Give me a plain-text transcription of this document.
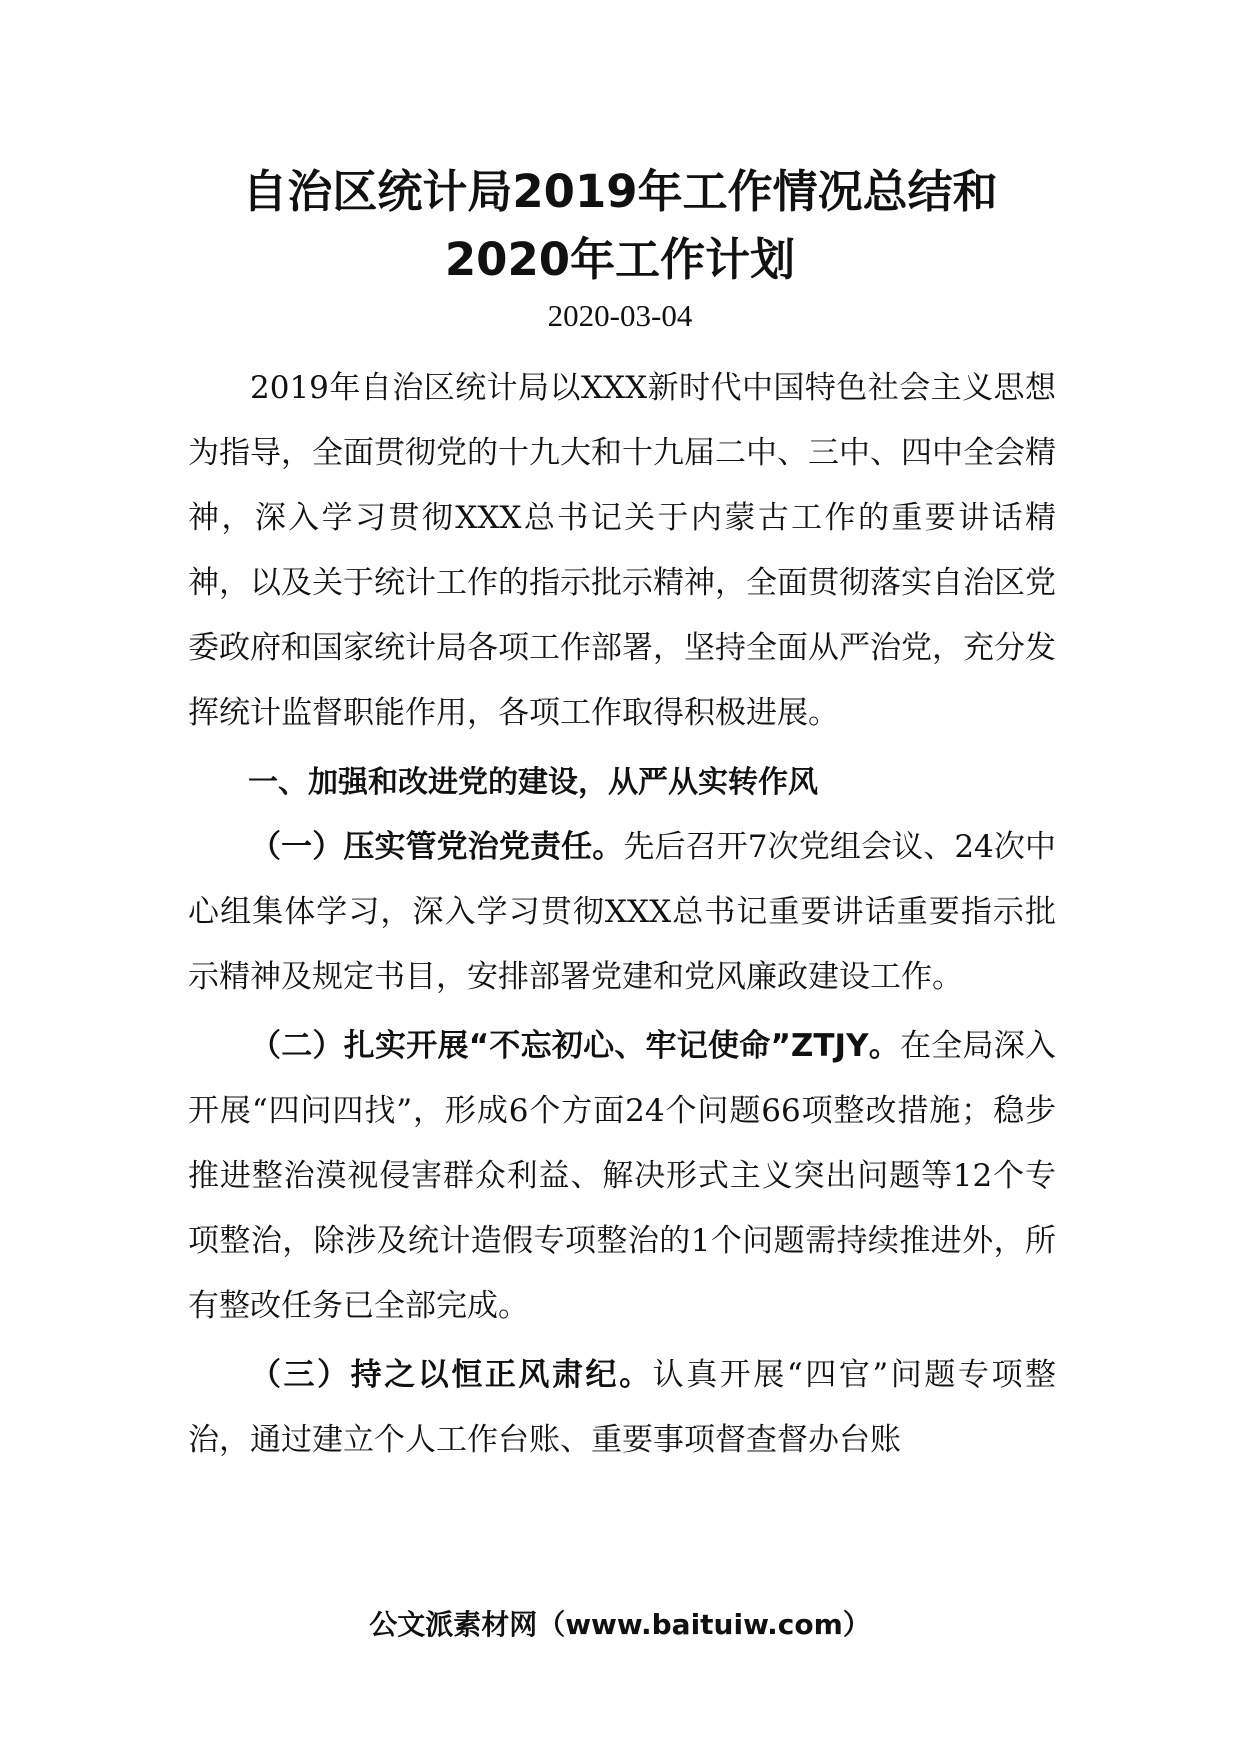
自治区统计局2019年工作情况总结和2020年工作计划
2020-03-04

2019年自治区统计局以XXX新时代中国特色社会主义思想为指导，全面贯彻党的十九大和十九届二中、三中、四中全会精神，深入学习贯彻XXX总书记关于内蒙古工作的重要讲话精神，以及关于统计工作的指示批示精神，全面贯彻落实自治区党委政府和国家统计局各项工作部署，坚持全面从严治党，充分发挥统计监督职能作用，各项工作取得积极进展。

一、加强和改进党的建设，从严从实转作风

（一）压实管党治党责任。先后召开7次党组会议、24次中心组集体学习，深入学习贯彻XXX总书记重要讲话重要指示批示精神及规定书目，安排部署党建和党风廉政建设工作。

（二）扎实开展“不忘初心、牢记使命”ZTJY。在全局深入开展“四问四找”，形成6个方面24个问题66项整改措施；稳步推进整治漠视侵害群众利益、解决形式主义突出问题等12个专项整治，除涉及统计造假专项整治的1个问题需持续推进外，所有整改任务已全部完成。

（三）持之以恒正风肃纪。认真开展“四官”问题专项整治，通过建立个人工作台账、重要事项督查督办台账

公文派素材网（www.baituiw.com）
